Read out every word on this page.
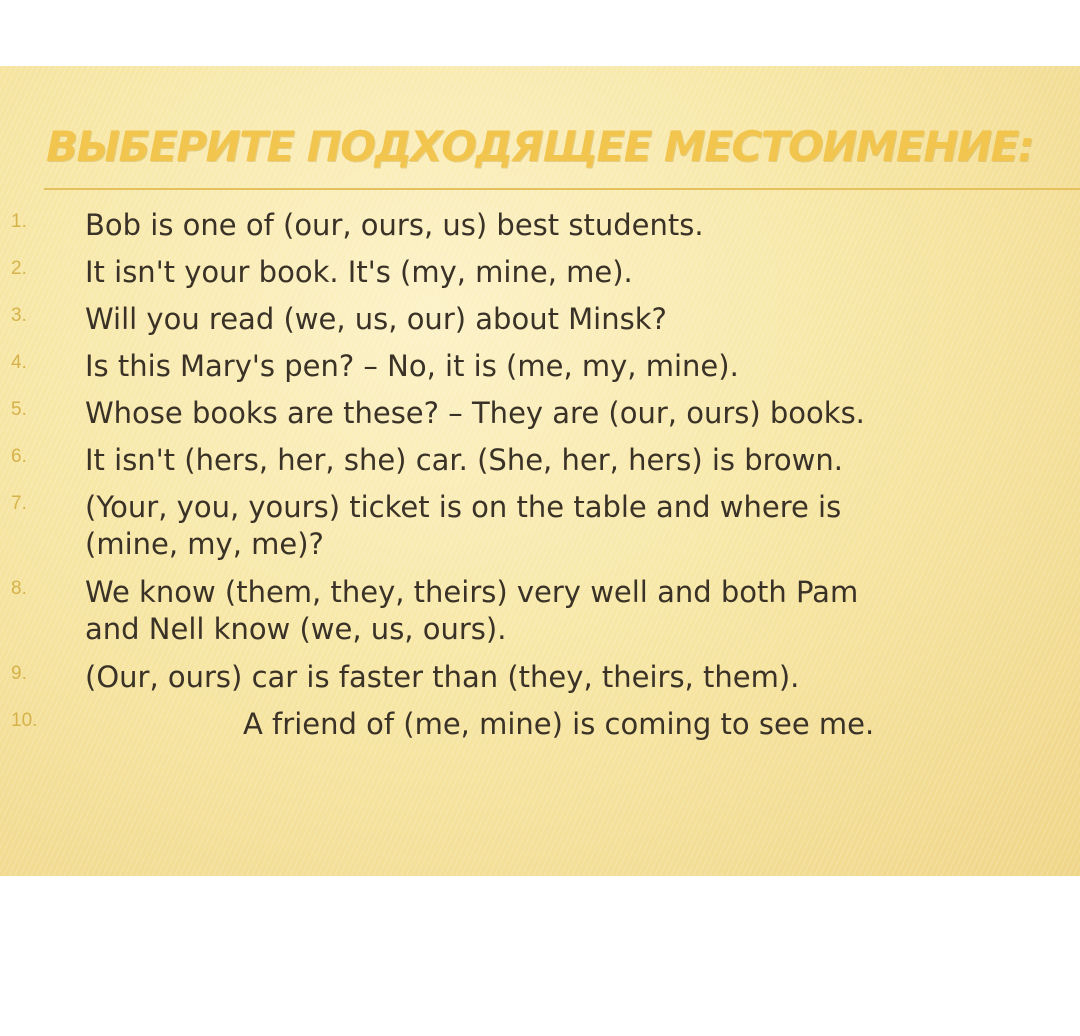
ВЫБЕРИТЕ ПОДХОДЯЩЕЕ МЕСТОИМЕНИЕ:
1. Bob is one of (our, ours, us) best students.
2. It isn't your book. It's (my, mine, me).
3. Will you read (we, us, our) about Minsk?
4. Is this Mary's pen? – No, it is (me, my, mine).
5. Whose books are these? – They are (our, ours) books.
6. It isn't (hers, her, she) car. (She, her, hers) is brown.
7. (Your, you, yours) ticket is on the table and where is
(mine, my, me)?
8. We know (them, they, theirs) very well and both Pam
and Nell know (we, us, ours).
9. (Our, ours) car is faster than (they, theirs, them).
10.	A friend of (me, mine) is coming to see me.
